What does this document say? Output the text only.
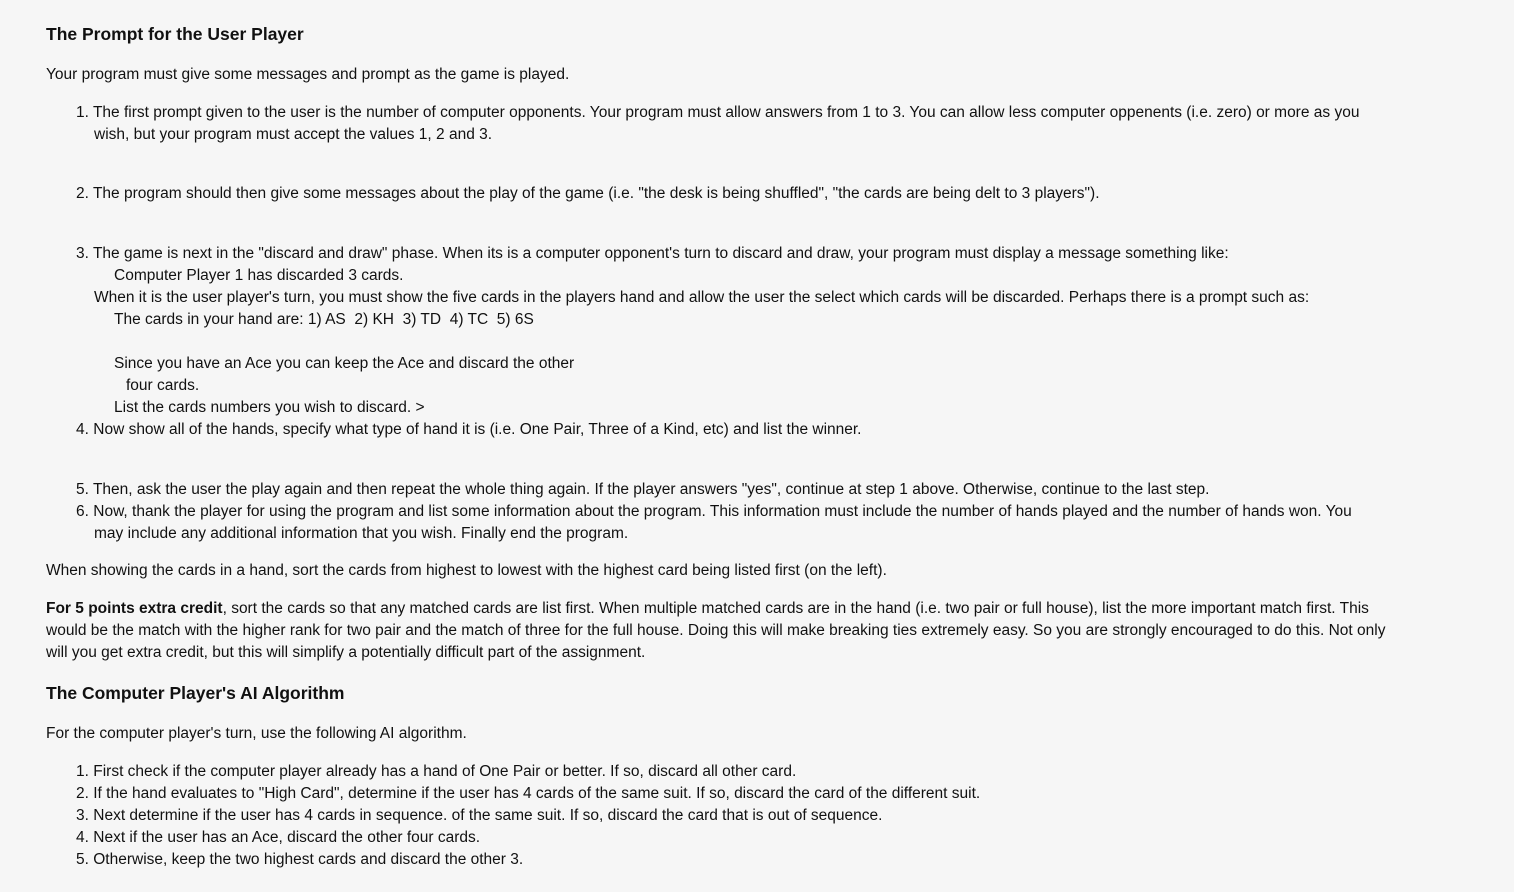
The Prompt for the User Player

Your program must give some messages and prompt as the game is played.

1. The first prompt given to the user is the number of computer opponents. Your program must allow answers from 1 to 3. You can allow less computer oppenents (i.e. zero) or more as you
wish, but your program must accept the values 1, 2 and 3.
2. The program should then give some messages about the play of the game (i.e. "the desk is being shuffled", "the cards are being delt to 3 players").
3. The game is next in the "discard and draw" phase. When its is a computer opponent's turn to discard and draw, your program must display a message something like:
Computer Player 1 has discarded 3 cards.
When it is the user player's turn, you must show the five cards in the players hand and allow the user the select which cards will be discarded. Perhaps there is a prompt such as:
The cards in your hand are: 1) AS  2) KH  3) TD  4) TC  5) 6S

Since you have an Ace you can keep the Ace and discard the other
four cards.
List the cards numbers you wish to discard. >
4. Now show all of the hands, specify what type of hand it is (i.e. One Pair, Three of a Kind, etc) and list the winner.
5. Then, ask the user the play again and then repeat the whole thing again. If the player answers "yes", continue at step 1 above. Otherwise, continue to the last step.
6. Now, thank the player for using the program and list some information about the program. This information must include the number of hands played and the number of hands won. You
may include any additional information that you wish. Finally end the program.

When showing the cards in a hand, sort the cards from highest to lowest with the highest card being listed first (on the left).

For 5 points extra credit, sort the cards so that any matched cards are list first. When multiple matched cards are in the hand (i.e. two pair or full house), list the more important match first. This
would be the match with the higher rank for two pair and the match of three for the full house. Doing this will make breaking ties extremely easy. So you are strongly encouraged to do this. Not only
will you get extra credit, but this will simplify a potentially difficult part of the assignment.
The Computer Player's AI Algorithm

For the computer player's turn, use the following AI algorithm.

1. First check if the computer player already has a hand of One Pair or better. If so, discard all other card.
2. If the hand evaluates to "High Card", determine if the user has 4 cards of the same suit. If so, discard the card of the different suit.
3. Next determine if the user has 4 cards in sequence. of the same suit. If so, discard the card that is out of sequence.
4. Next if the user has an Ace, discard the other four cards.
5. Otherwise, keep the two highest cards and discard the other 3.
